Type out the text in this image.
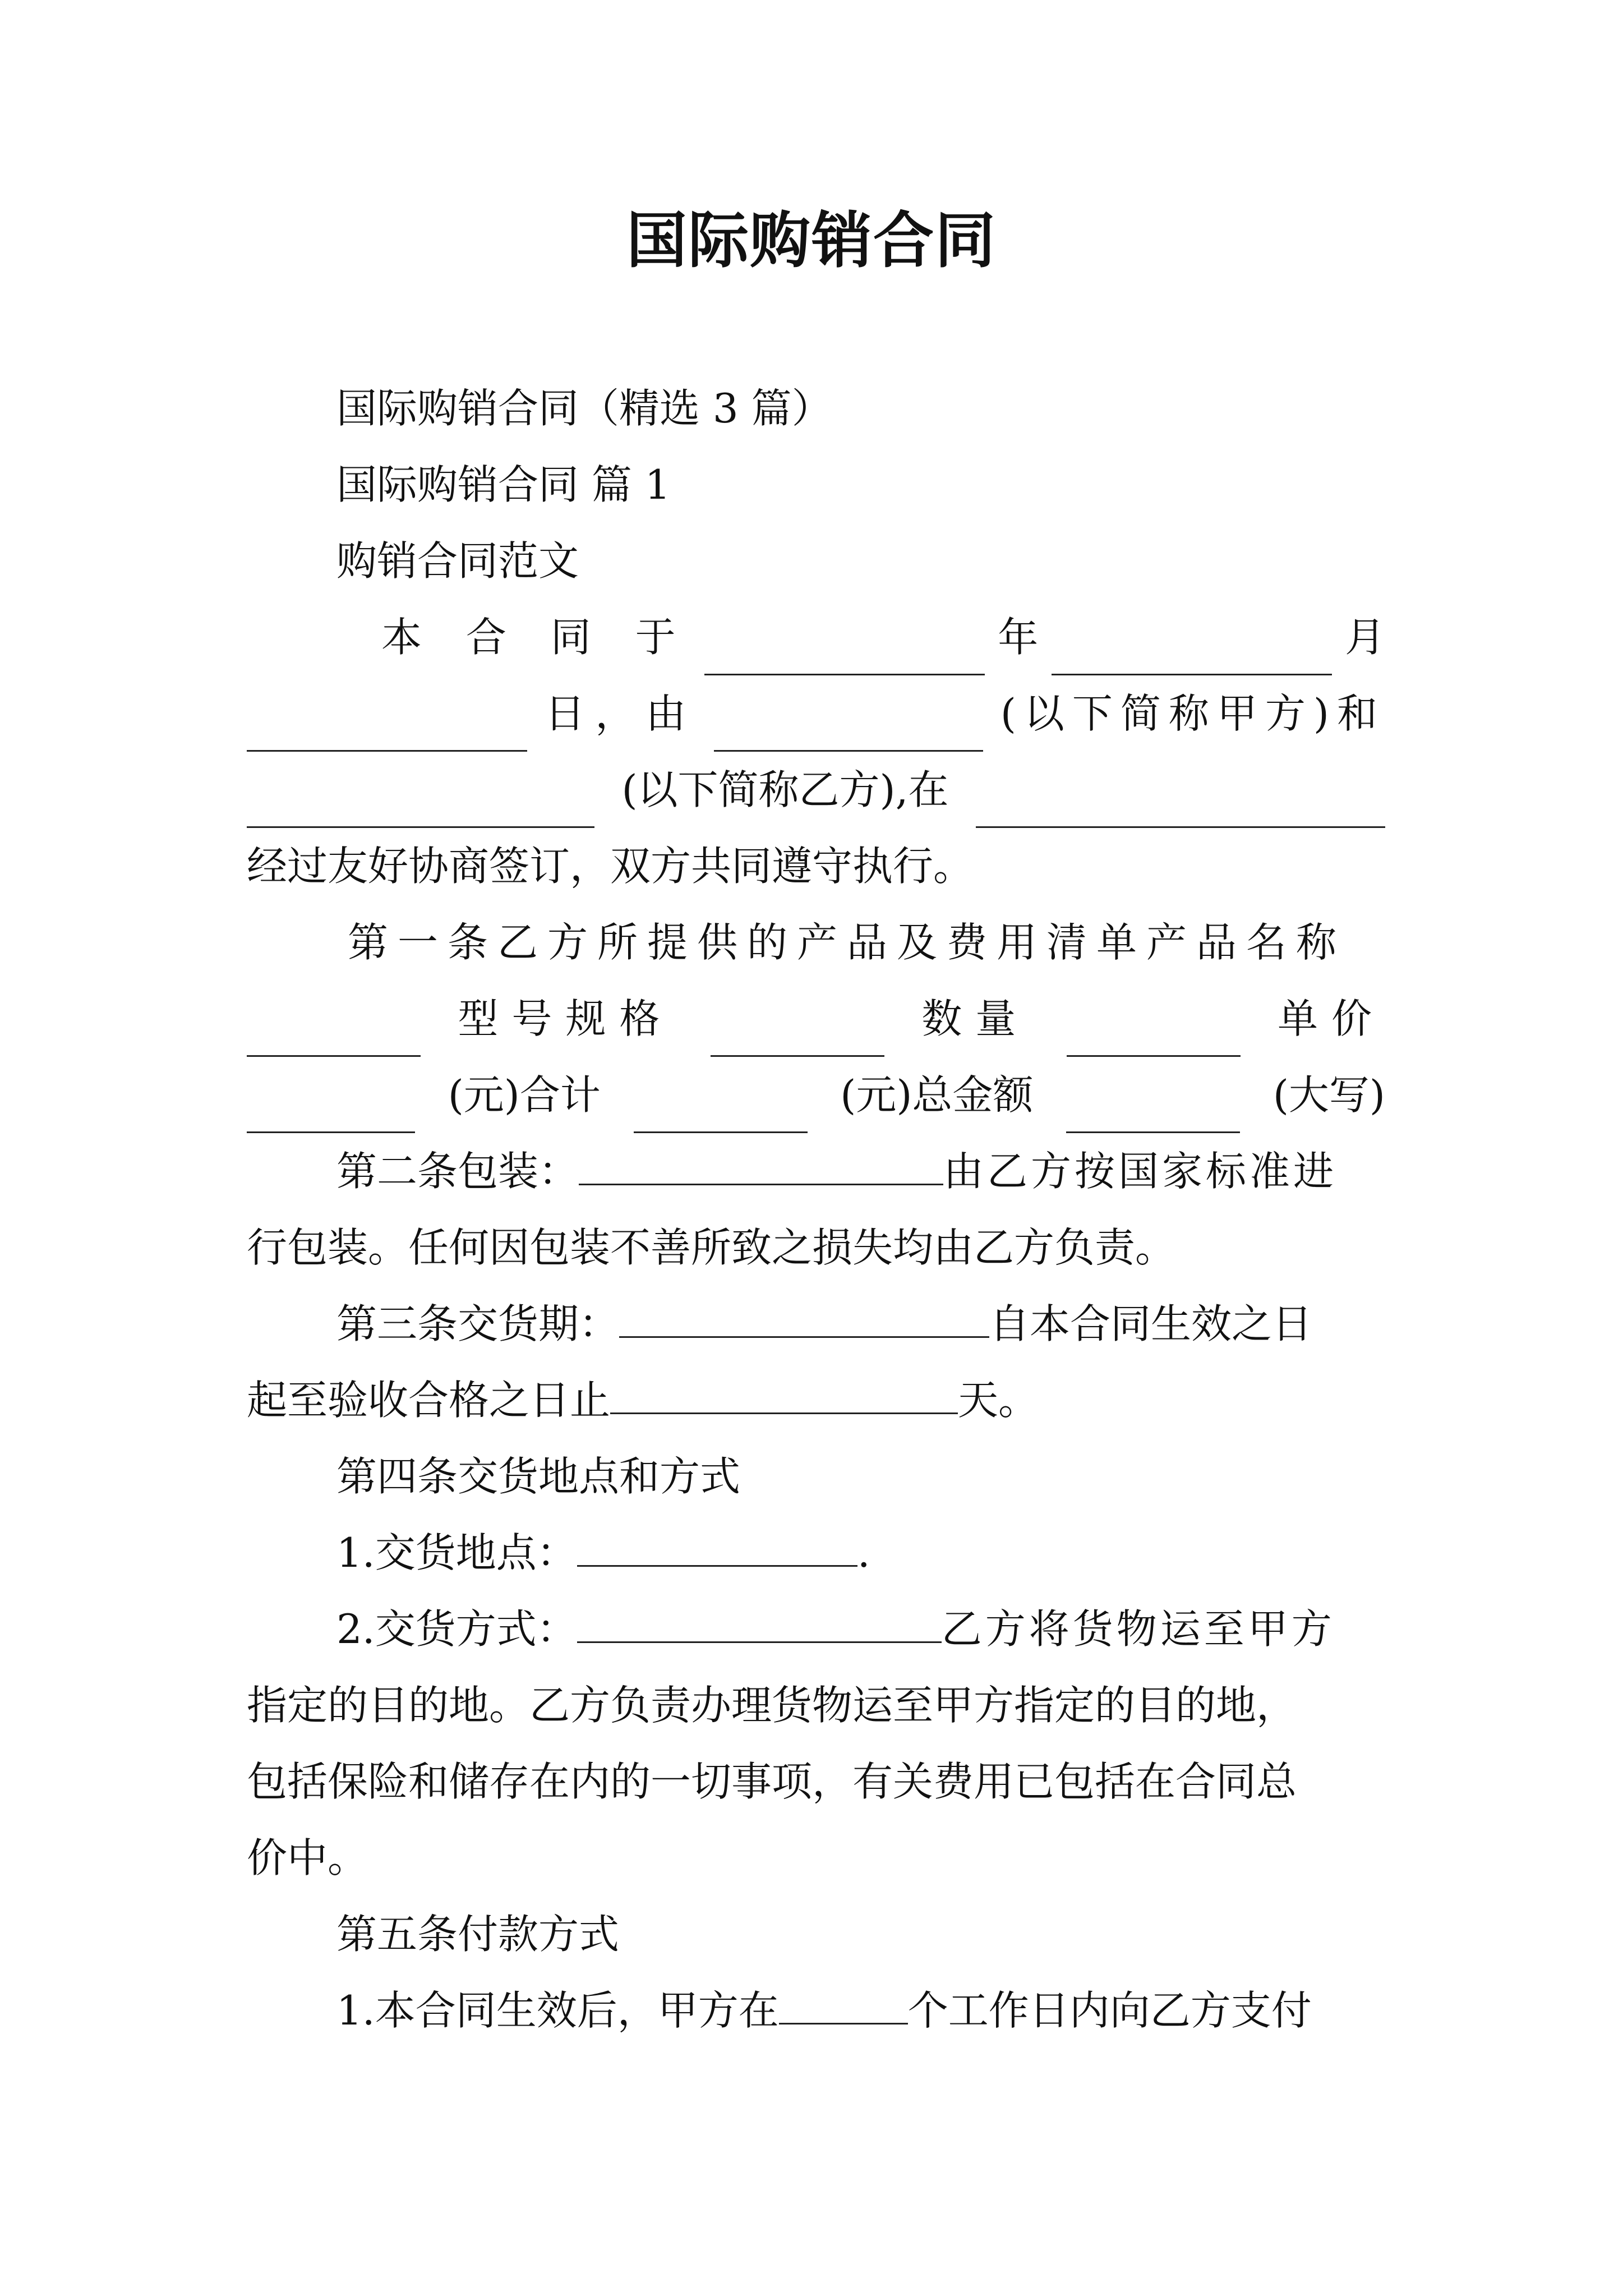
国际购销合同
国际购销合同（精选 3 篇）
国际购销合同 篇 1
购销合同范文
本 合 同 于	年	月
日，由	(以下简称甲方)和
(以下简称乙方),在
经过友好协商签订，双方共同遵守执行。
第一条乙方所提供的产品及费用清单产品名称
型号规格	数量	单价
(元)合计	(元)总金额	(大写)
第二条包装：	由乙方按国家标准进
行包装。任何因包装不善所致之损失均由乙方负责。
第三条交货期：	自本合同生效之日
起至验收合格之日止	天。
第四条交货地点和方式
1.交货地点：	.
2.交货方式：	乙方将货物运至甲方
指定的目的地。乙方负责办理货物运至甲方指定的目的地，
包括保险和储存在内的一切事项，有关费用已包括在合同总
价中。
第五条付款方式
1.本合同生效后，甲方在	个工作日内向乙方支付
